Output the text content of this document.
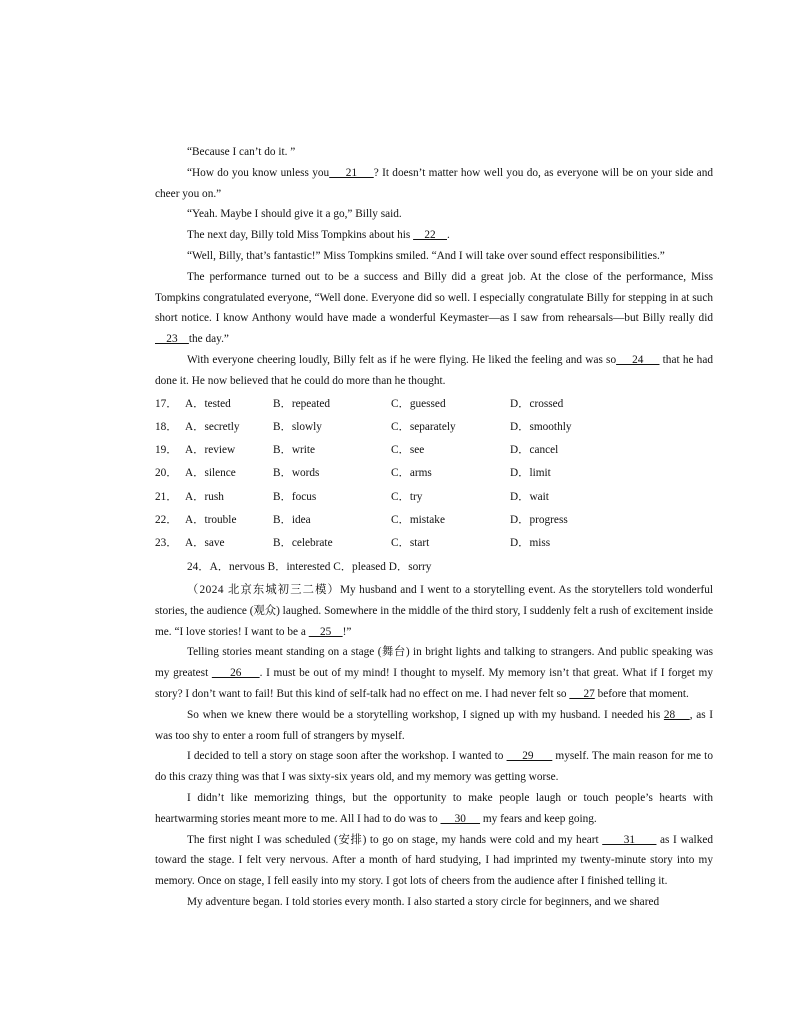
“Because I can’t do it. ”

“How do you know unless you     21     ? It doesn’t matter how well you do, as everyone will be on your side and cheer you on.”

“Yeah. Maybe I should give it a go,” Billy said.

The next day, Billy told Miss Tompkins about his     22    .

“Well, Billy, that’s fantastic!” Miss Tompkins smiled. “And I will take over sound effect responsibilities.”

The performance turned out to be a success and Billy did a great job. At the close of the performance, Miss Tompkins congratulated everyone, “Well done. Everyone did so well. I especially congratulate Billy for stepping in at such short notice. I know Anthony would have made a wonderful Keymaster—as I saw from rehearsals—but Billy really did     23    the day.”

With everyone cheering loudly, Billy felt as if he were flying. He liked the feeling and was so     24      that he had done it. He now believed that he could do more than he thought.

17． A．tested	B．repeated	C．guessed	D．crossed
18． A．secretly	B．slowly	C．separately	D．smoothly
19． A．review	B．write	C．see	D．cancel
20． A．silence	B．words	C．arms	D．limit
21． A．rush	B．focus	C．try	D．wait
22． A．trouble	B．idea	C．mistake	D．progress
23． A．save	B．celebrate	C．start	D．miss
24．A．nervous B．interested C．pleased D．sorry

（2024 北京东城初三二模）My husband and I went to a storytelling event. As the storytellers told wonderful stories, the audience (观众) laughed. Somewhere in the middle of the third story, I suddenly felt a rush of excitement inside me. “I love stories! I want to be a     25    !”

Telling stories meant standing on a stage (舞台) in bright lights and talking to strangers. And public speaking was my greatest      26     . I must be out of my mind! I thought to myself. My memory isn’t that great. What if I forget my story? I don’t want to fail! But this kind of self-talk had no effect on me. I had never felt so      27 before that moment.

So when we knew there would be a storytelling workshop, I signed up with my husband. I needed his 28    , as I was too shy to enter a room full of strangers by myself.

I decided to tell a story on stage soon after the workshop. I wanted to      29       myself. The main reason for me to do this crazy thing was that I was sixty-six years old, and my memory was getting worse.

I didn’t like memorizing things, but the opportunity to make people laugh or touch people’s hearts with heartwarming stories meant more to me. All I had to do was to      30      my fears and keep going.

The first night I was scheduled (安排) to go on stage, my hands were cold and my heart       31       as I walked toward the stage. I felt very nervous. After a month of hard studying, I had imprinted my twenty-minute story into my memory. Once on stage, I fell easily into my story. I got lots of cheers from the audience after I finished telling it.

My adventure began. I told stories every month. I also started a story circle for beginners, and we shared
